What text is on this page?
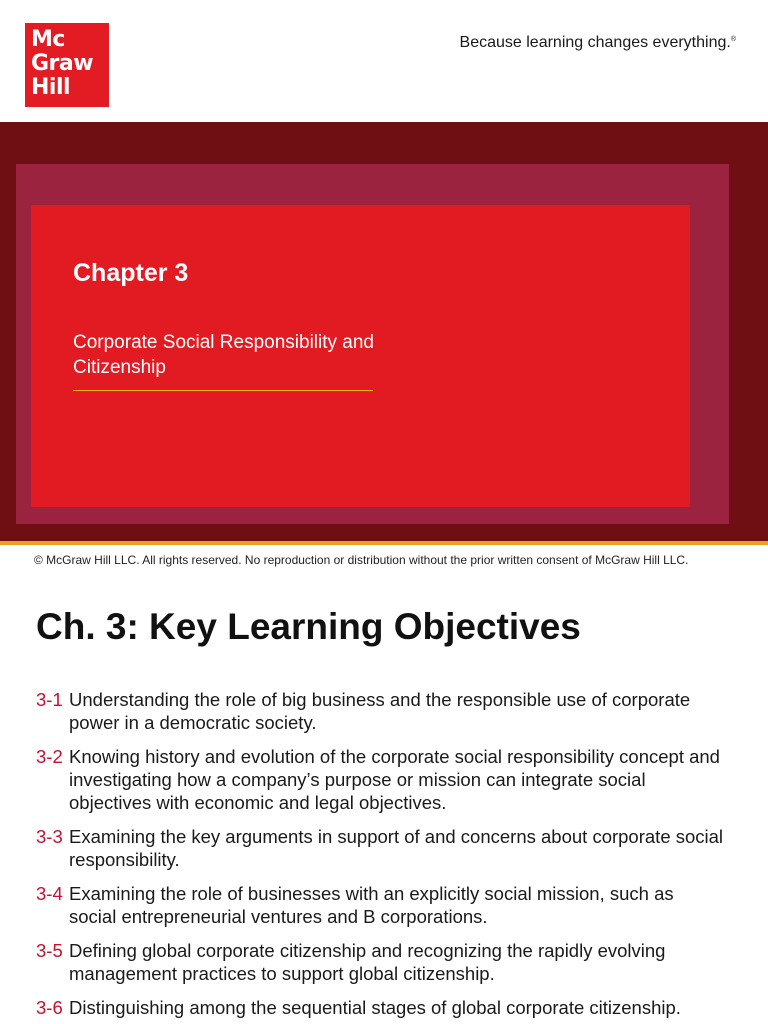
Mc
Graw
Hill
Because learning changes everything.®
Chapter 3
Corporate Social Responsibility and Citizenship
© McGraw Hill LLC. All rights reserved. No reproduction or distribution without the prior written consent of McGraw Hill LLC.
Ch. 3: Key Learning Objectives
3-1 Understanding the role of big business and the responsible use of corporate power in a democratic society.
3-2 Knowing history and evolution of the corporate social responsibility concept and investigating how a company’s purpose or mission can integrate social objectives with economic and legal objectives.
3-3 Examining the key arguments in support of and concerns about corporate social responsibility.
3-4 Examining the role of businesses with an explicitly social mission, such as social entrepreneurial ventures and B corporations.
3-5 Defining global corporate citizenship and recognizing the rapidly evolving management practices to support global citizenship.
3-6 Distinguishing among the sequential stages of global corporate citizenship.
